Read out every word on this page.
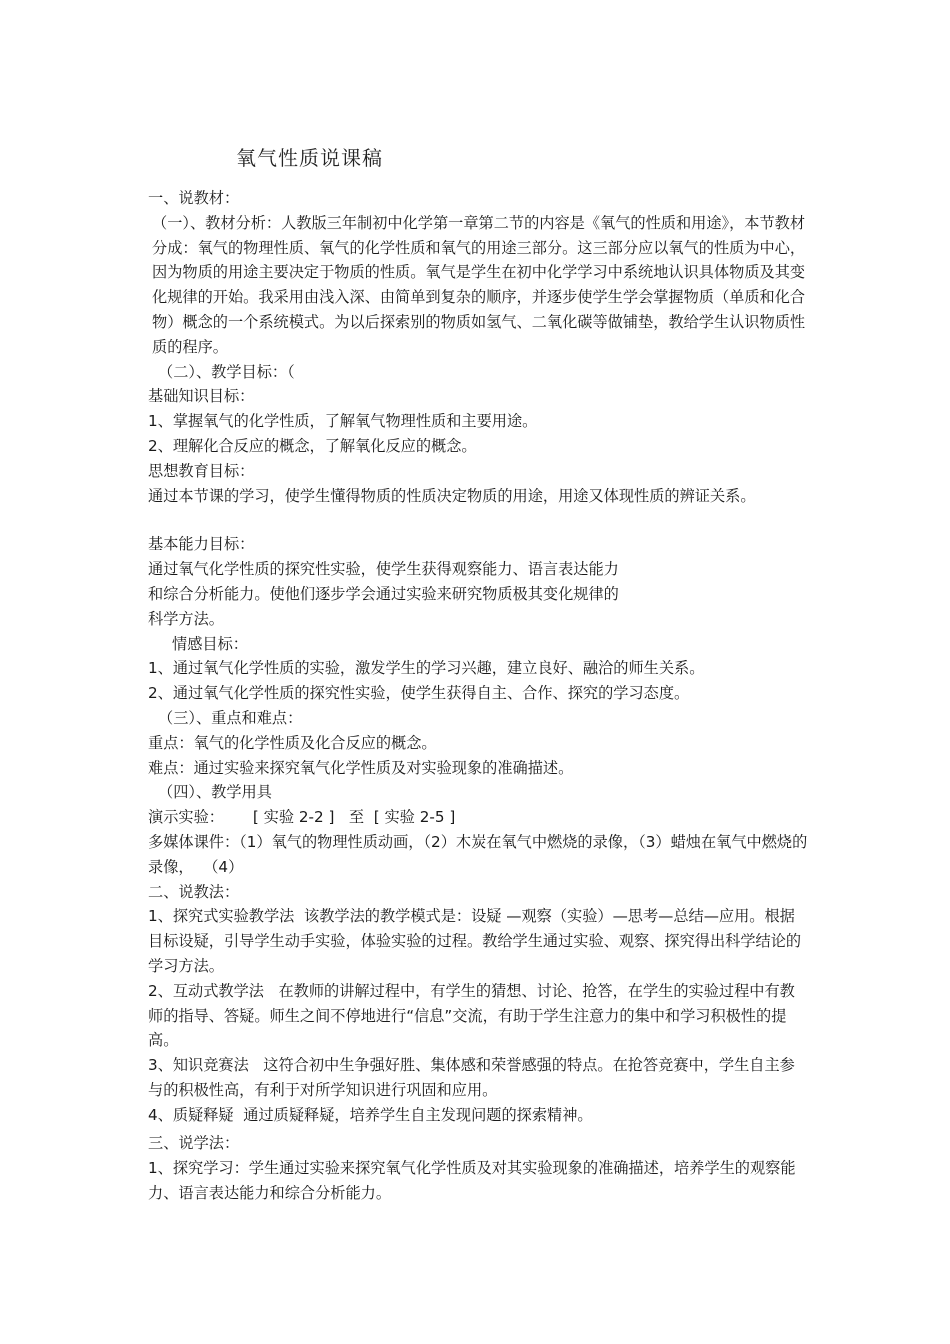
氧气性质说课稿

一、说教材：

（一）、教材分析：人教版三年制初中化学第一章第二节的内容是《氧气的性质和用途》，本节教材分成：氧气的物理性质、氧气的化学性质和氧气的用途三部分。这三部分应以氧气的性质为中心，因为物质的用途主要决定于物质的性质。氧气是学生在初中化学学习中系统地认识具体物质及其变化规律的开始。我采用由浅入深、由简单到复杂的顺序，并逐步使学生学会掌握物质（单质和化合物）概念的一个系统模式。为以后探索别的物质如氢气、二氧化碳等做铺垫，教给学生认识物质性质的程序。

（二）、教学目标：（

基础知识目标：

1、掌握氧气的化学性质，了解氧气物理性质和主要用途。

2、理解化合反应的概念，了解氧化反应的概念。

思想教育目标：

通过本节课的学习，使学生懂得物质的性质决定物质的用途，用途又体现性质的辨证关系。

基本能力目标：

通过氧气化学性质的探究性实验，使学生获得观察能力、语言表达能力

和综合分析能力。使他们逐步学会通过实验来研究物质极其变化规律的

科学方法。

情感目标：

1、通过氧气化学性质的实验，激发学生的学习兴趣，建立良好、融洽的师生关系。

2、通过氧气化学性质的探究性实验，使学生获得自主、合作、探究的学习态度。

（三）、重点和难点：

重点：氧气的化学性质及化合反应的概念。

难点：通过实验来探究氧气化学性质及对实验现象的准确描述。

（四）、教学用具

演示实验：      [ 实验 2-2 ]   至  [ 实验 2-5 ]

多媒体课件：（1）氧气的物理性质动画，（2）木炭在氧气中燃烧的录像，（3）蜡烛在氧气中燃烧的录像，  （4）

二、说教法：

1、探究式实验教学法  该教学法的教学模式是：设疑 —观察（实验）—思考—总结—应用。根据目标设疑，引导学生动手实验，体验实验的过程。教给学生通过实验、观察、探究得出科学结论的学习方法。

2、互动式教学法   在教师的讲解过程中，有学生的猜想、讨论、抢答，在学生的实验过程中有教师的指导、答疑。师生之间不停地进行“信息”交流，有助于学生注意力的集中和学习积极性的提高。

3、知识竞赛法   这符合初中生争强好胜、集体感和荣誉感强的特点。在抢答竞赛中，学生自主参与的积极性高，有利于对所学知识进行巩固和应用。

4、质疑释疑  通过质疑释疑，培养学生自主发现问题的探索精神。

三、说学法：

1、探究学习：学生通过实验来探究氧气化学性质及对其实验现象的准确描述，培养学生的观察能力、语言表达能力和综合分析能力。
